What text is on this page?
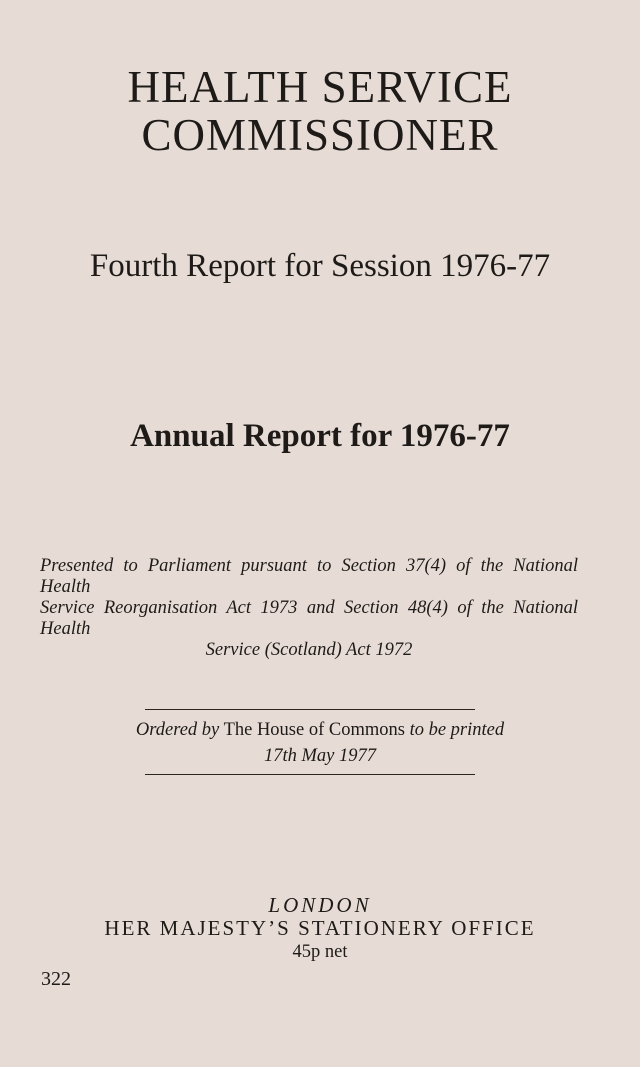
HEALTH SERVICE
COMMISSIONER
Fourth Report for Session 1976-77
Annual Report for 1976-77
Presented to Parliament pursuant to Section 37(4) of the National Health
Service Reorganisation Act 1973 and Section 48(4) of the National Health
Service (Scotland) Act 1972
Ordered by The House of Commons to be printed
17th May 1977
LONDON
HER MAJESTY’S STATIONERY OFFICE
45p net
322
